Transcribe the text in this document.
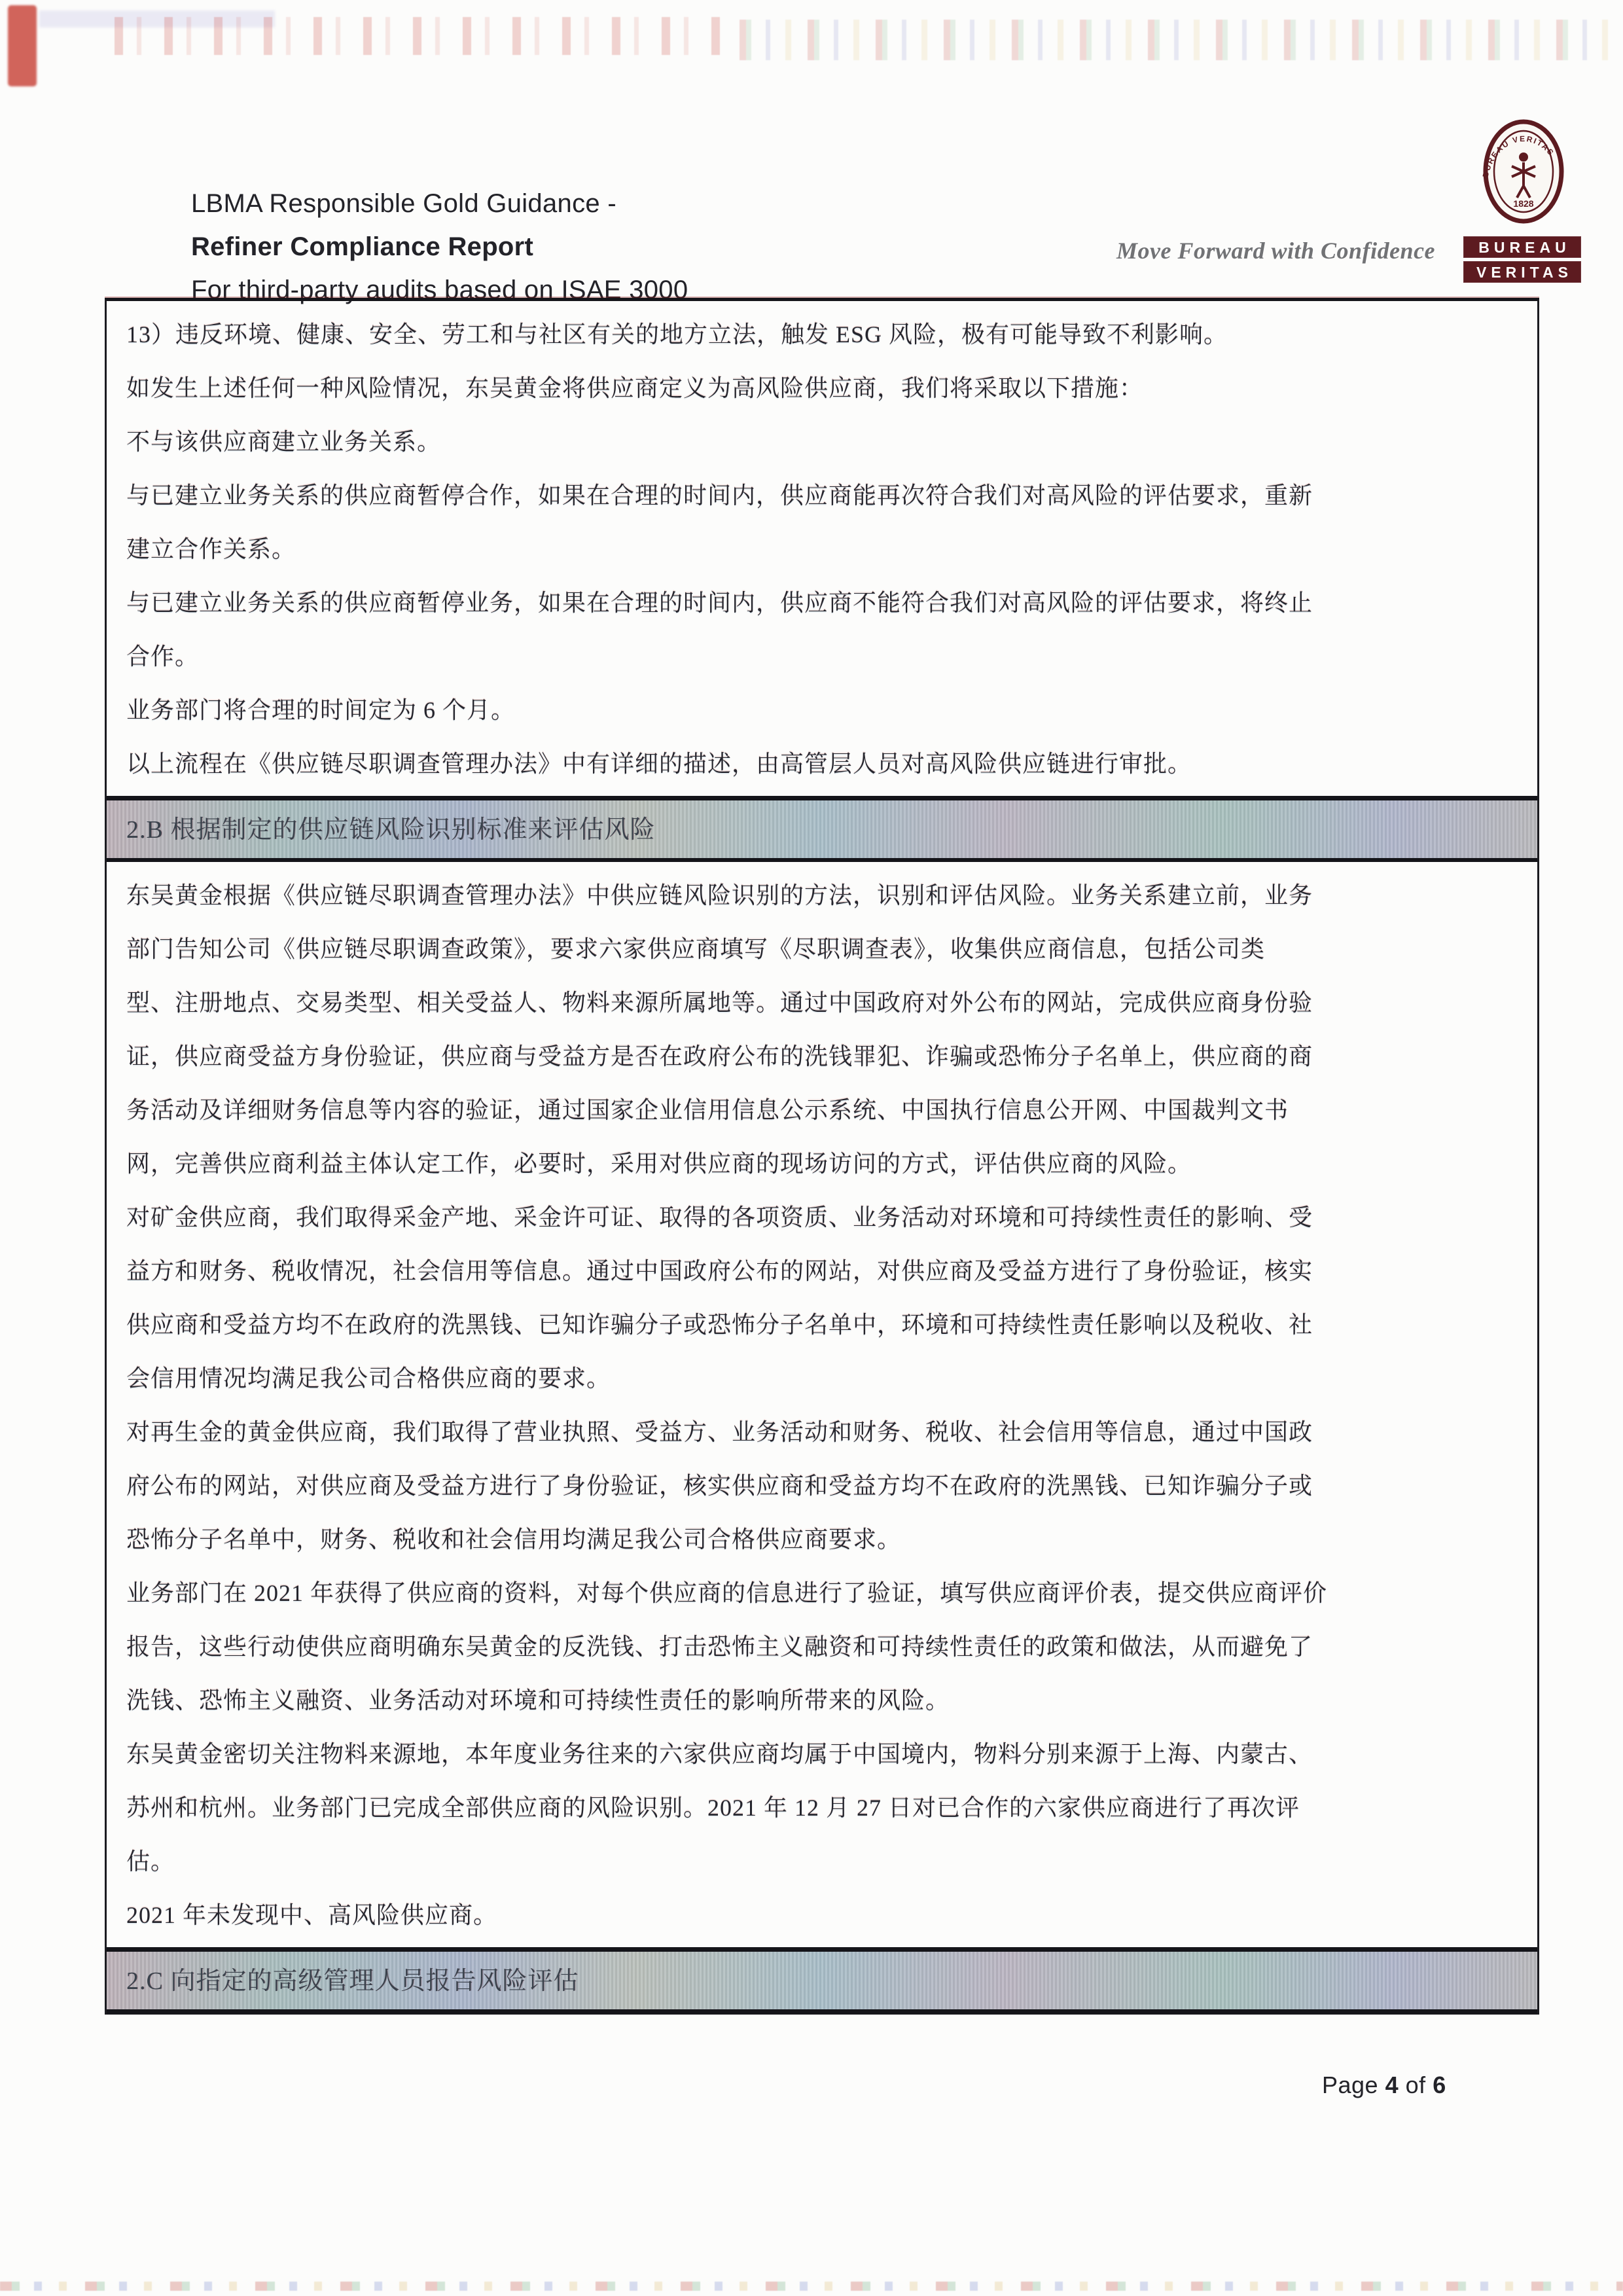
LBMA Responsible Gold Guidance -
Refiner Compliance Report
For third-party audits based on ISAE 3000
Move Forward with Confidence
BUREAU VERITAS
1828
BUREAU
VERITAS
13）违反环境、健康、安全、劳工和与社区有关的地方立法，触发 ESG 风险，极有可能导致不利影响。
如发生上述任何一种风险情况，东吴黄金将供应商定义为高风险供应商，我们将采取以下措施：
不与该供应商建立业务关系。
与已建立业务关系的供应商暂停合作，如果在合理的时间内，供应商能再次符合我们对高风险的评估要求，重新
建立合作关系。
与已建立业务关系的供应商暂停业务，如果在合理的时间内，供应商不能符合我们对高风险的评估要求，将终止
合作。
业务部门将合理的时间定为 6 个月。
以上流程在《供应链尽职调查管理办法》中有详细的描述，由高管层人员对高风险供应链进行审批。
2.B 根据制定的供应链风险识别标准来评估风险
东吴黄金根据《供应链尽职调查管理办法》中供应链风险识别的方法，识别和评估风险。业务关系建立前，业务
部门告知公司《供应链尽职调查政策》，要求六家供应商填写《尽职调查表》，收集供应商信息，包括公司类
型、注册地点、交易类型、相关受益人、物料来源所属地等。通过中国政府对外公布的网站，完成供应商身份验
证，供应商受益方身份验证，供应商与受益方是否在政府公布的洗钱罪犯、诈骗或恐怖分子名单上，供应商的商
务活动及详细财务信息等内容的验证，通过国家企业信用信息公示系统、中国执行信息公开网、中国裁判文书
网，完善供应商利益主体认定工作，必要时，采用对供应商的现场访问的方式，评估供应商的风险。
对矿金供应商，我们取得采金产地、采金许可证、取得的各项资质、业务活动对环境和可持续性责任的影响、受
益方和财务、税收情况，社会信用等信息。通过中国政府公布的网站，对供应商及受益方进行了身份验证，核实
供应商和受益方均不在政府的洗黑钱、已知诈骗分子或恐怖分子名单中，环境和可持续性责任影响以及税收、社
会信用情况均满足我公司合格供应商的要求。
对再生金的黄金供应商，我们取得了营业执照、受益方、业务活动和财务、税收、社会信用等信息，通过中国政
府公布的网站，对供应商及受益方进行了身份验证，核实供应商和受益方均不在政府的洗黑钱、已知诈骗分子或
恐怖分子名单中，财务、税收和社会信用均满足我公司合格供应商要求。
业务部门在 2021 年获得了供应商的资料，对每个供应商的信息进行了验证，填写供应商评价表，提交供应商评价
报告，这些行动使供应商明确东吴黄金的反洗钱、打击恐怖主义融资和可持续性责任的政策和做法，从而避免了
洗钱、恐怖主义融资、业务活动对环境和可持续性责任的影响所带来的风险。
东吴黄金密切关注物料来源地，本年度业务往来的六家供应商均属于中国境内，物料分别来源于上海、内蒙古、
苏州和杭州。业务部门已完成全部供应商的风险识别。2021 年 12 月 27 日对已合作的六家供应商进行了再次评
估。
2021 年未发现中、高风险供应商。
2.C 向指定的高级管理人员报告风险评估
Page 4 of 6
